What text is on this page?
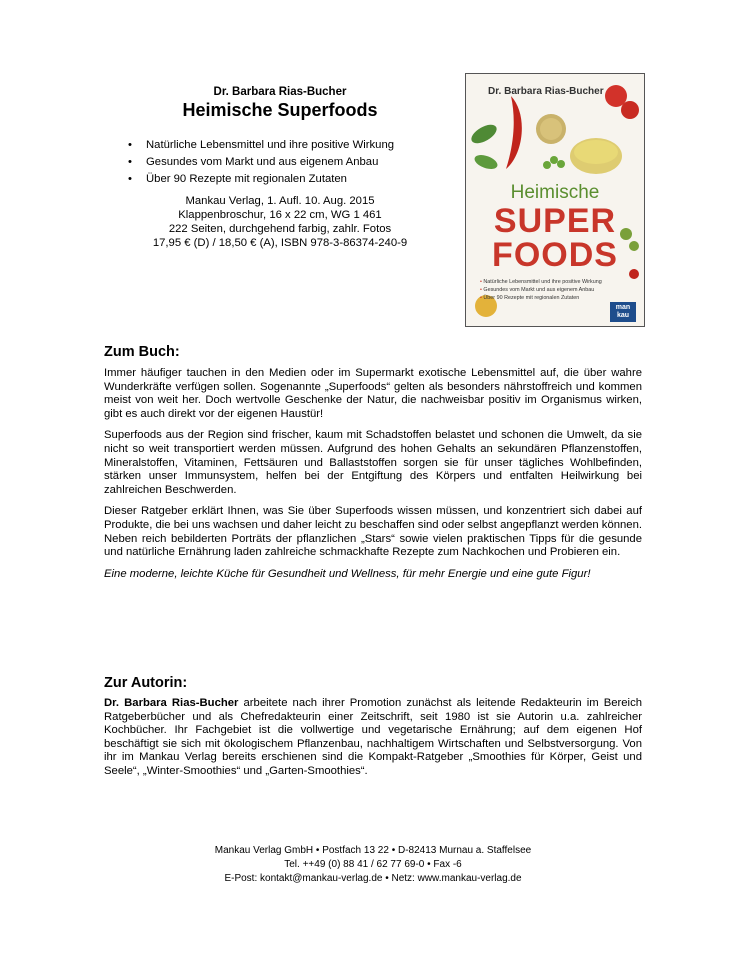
Dr. Barbara Rias-Bucher
Heimische Superfoods
• Natürliche Lebensmittel und ihre positive Wirkung
• Gesundes vom Markt und aus eigenem Anbau
• Über 90 Rezepte mit regionalen Zutaten
Mankau Verlag, 1. Aufl. 10. Aug. 2015
Klappenbroschur, 16 x 22 cm, WG 1 461
222 Seiten, durchgehend farbig, zahlr. Fotos
17,95 € (D) / 18,50 € (A), ISBN 978-3-86374-240-9
Dr. Barbara Rias-Bucher
Heimische
SUPER
FOODS
• Natürliche Lebensmittel und ihre positive Wirkung
• Gesundes vom Markt und aus eigenem Anbau
• Über 90 Rezepte mit regionalen Zutaten
man
kau
Zum Buch:

Immer häufiger tauchen in den Medien oder im Supermarkt exotische Lebensmittel auf, die über wahre Wunderkräfte verfügen sollen. Sogenannte „Superfoods“ gelten als besonders nährstoffreich und kommen meist von weit her. Doch wertvolle Geschenke der Natur, die nachweisbar positiv im Organismus wirken, gibt es auch direkt vor der eigenen Haustür!

Superfoods aus der Region sind frischer, kaum mit Schadstoffen belastet und schonen die Umwelt, da sie nicht so weit transportiert werden müssen. Aufgrund des hohen Gehalts an sekundären Pflanzenstoffen, Mineralstoffen, Vitaminen, Fettsäuren und Ballaststoffen sorgen sie für unser tägliches Wohlbefinden, stärken unser Immunsystem, helfen bei der Entgiftung des Körpers und entfalten Heilwirkung bei zahlreichen Beschwerden.

Dieser Ratgeber erklärt Ihnen, was Sie über Superfoods wissen müssen, und konzentriert sich dabei auf Produkte, die bei uns wachsen und daher leicht zu beschaffen sind oder selbst angepflanzt werden können. Neben reich bebilderten Porträts der pflanzlichen „Stars“ sowie vielen praktischen Tipps für die gesunde und natürliche Ernährung laden zahlreiche schmackhafte Rezepte zum Nachkochen und Probieren ein.

Eine moderne, leichte Küche für Gesundheit und Wellness, für mehr Energie und eine gute Figur!

Zur Autorin:

Dr. Barbara Rias-Bucher arbeitete nach ihrer Promotion zunächst als leitende Redakteurin im Bereich Ratgeberbücher und als Chefredakteurin einer Zeitschrift, seit 1980 ist sie Autorin u.a. zahlreicher Kochbücher. Ihr Fachgebiet ist die vollwertige und vegetarische Ernährung; auf dem eigenen Hof beschäftigt sie sich mit ökologischem Pflanzenbau, nachhaltigem Wirtschaften und Selbstversorgung. Von ihr im Mankau Verlag bereits erschienen sind die Kompakt-Ratgeber „Smoothies für Körper, Geist und Seele“, „Winter-Smoothies“ und „Garten-Smoothies“.

Mankau Verlag GmbH • Postfach 13 22 • D-82413 Murnau a. Staffelsee
Tel. ++49 (0) 88 41 / 62 77 69-0 • Fax -6
E-Post: kontakt@mankau-verlag.de • Netz: www.mankau-verlag.de
